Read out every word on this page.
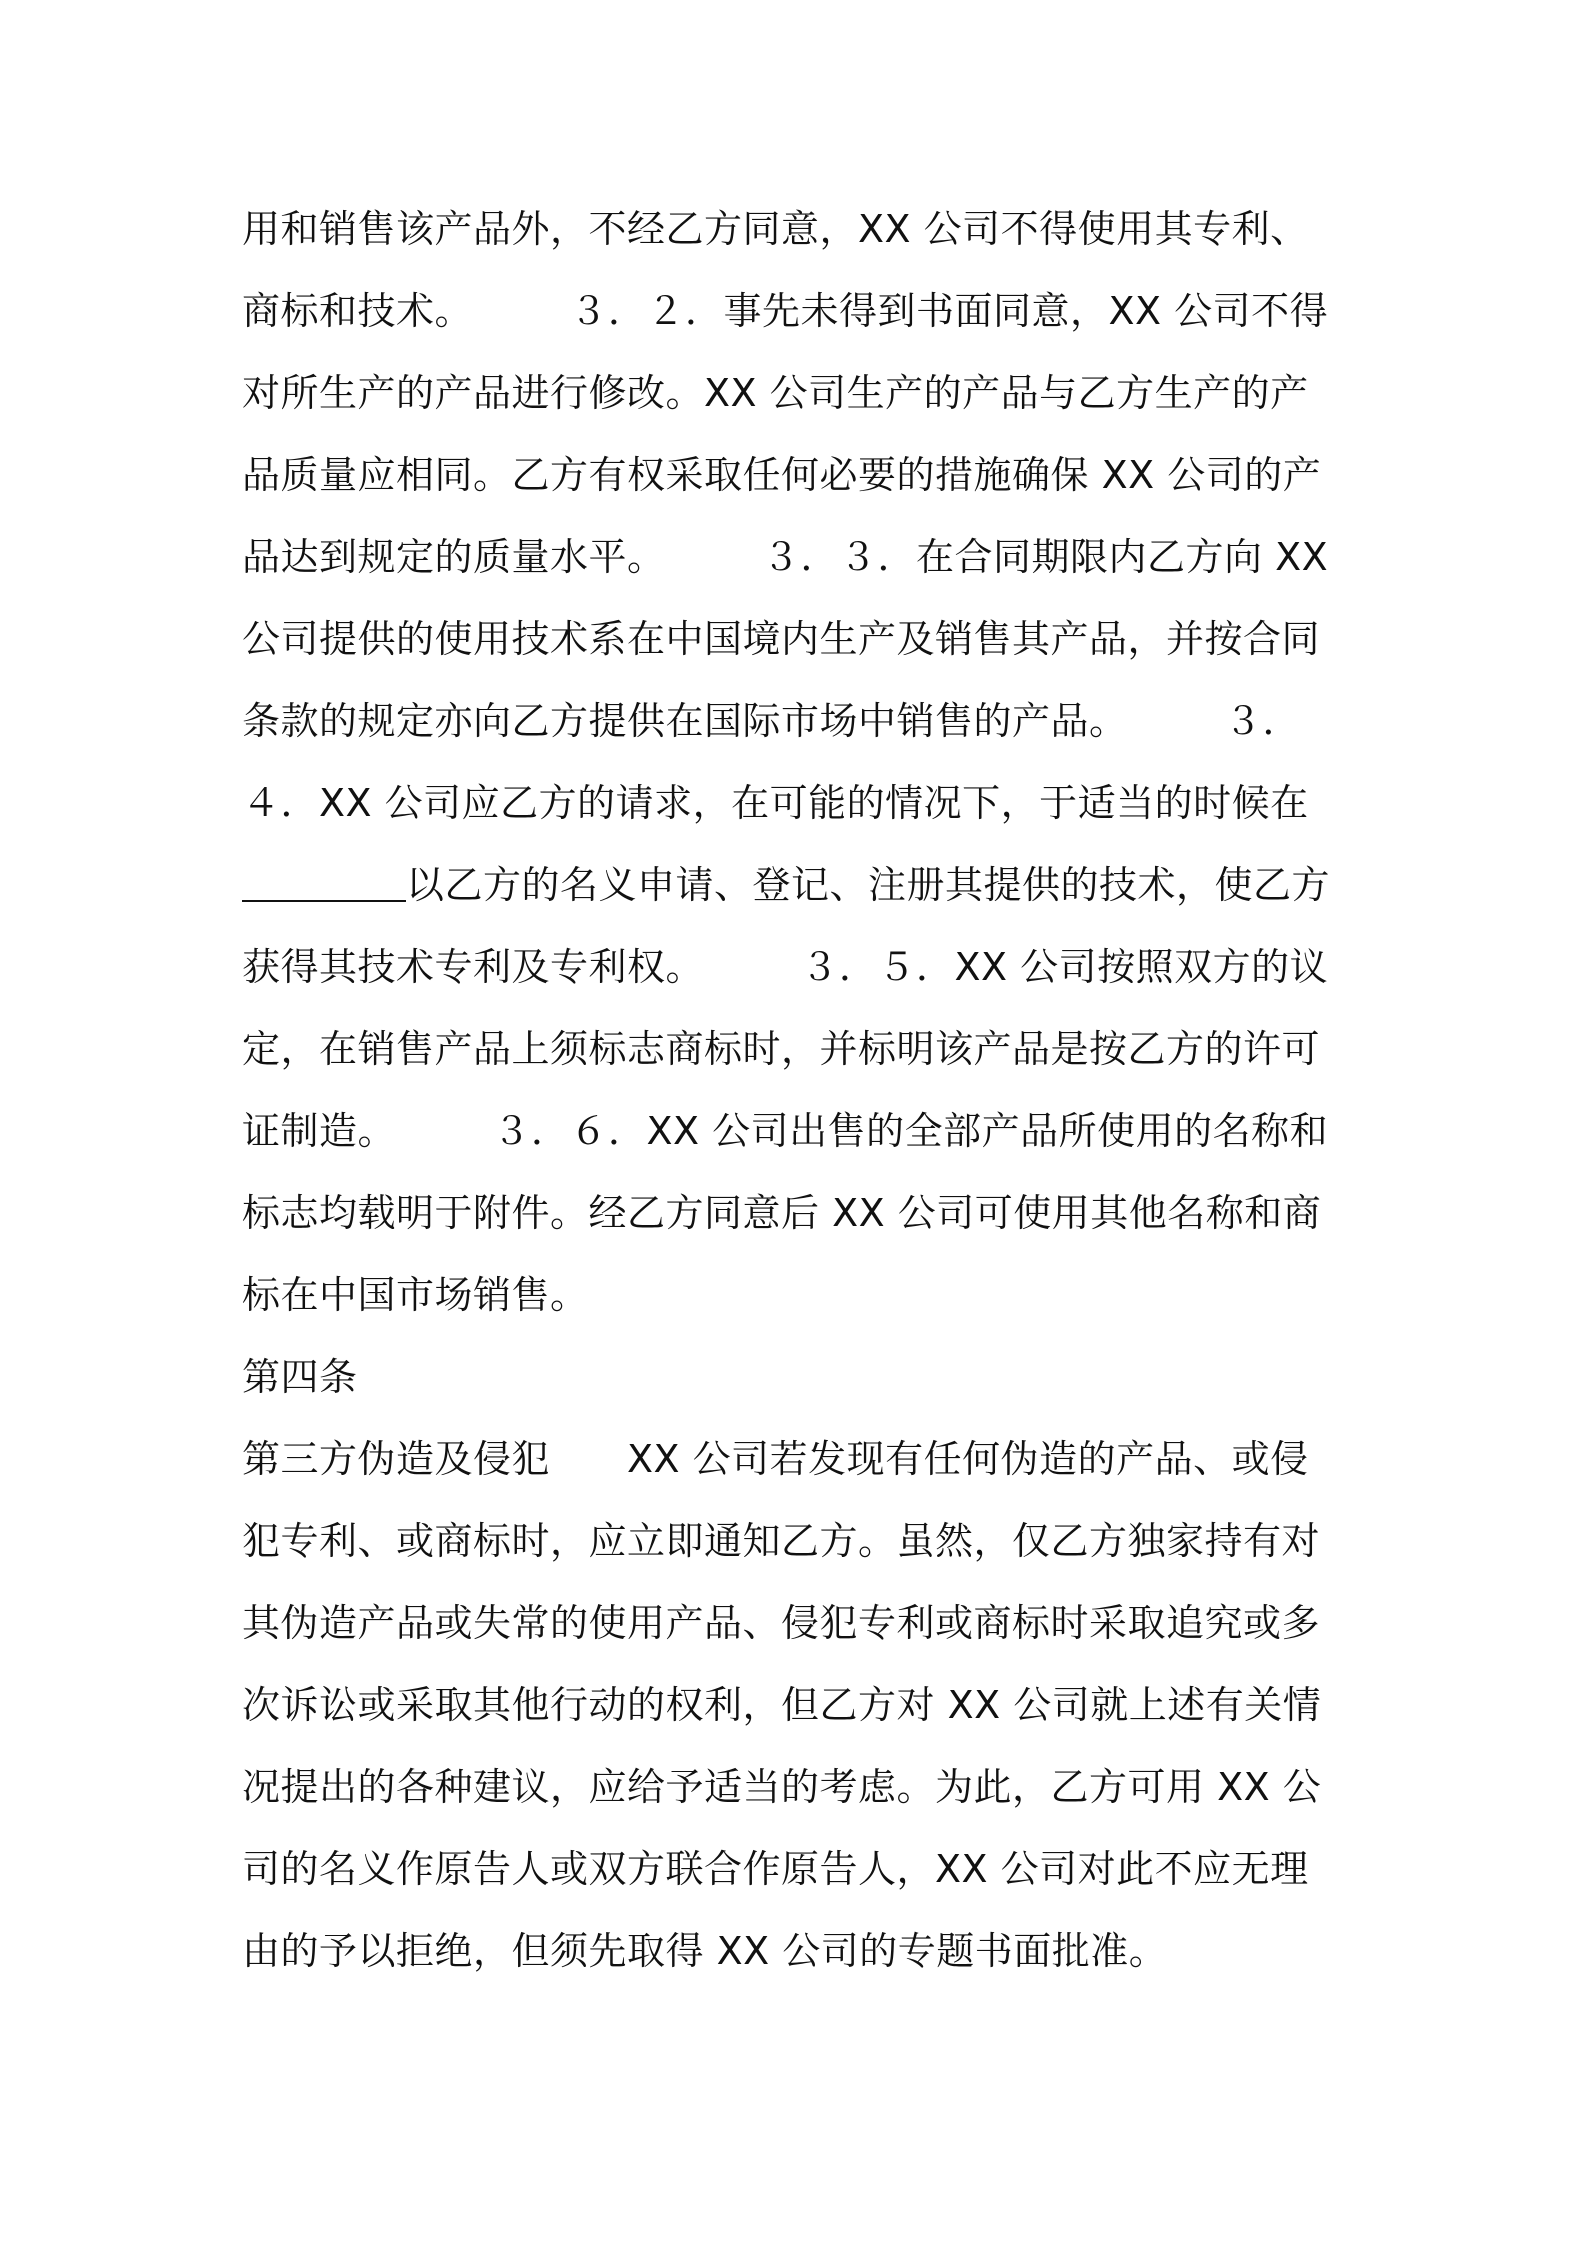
用和销售该产品外，不经乙方同意，XX 公司不得使用其专利、
商标和技术。　　　３．２．事先未得到书面同意，XX 公司不得
对所生产的产品进行修改。XX 公司生产的产品与乙方生产的产
品质量应相同。乙方有权采取任何必要的措施确保 XX 公司的产
品达到规定的质量水平。　　　３．３．在合同期限内乙方向 XX
公司提供的使用技术系在中国境内生产及销售其产品，并按合同
条款的规定亦向乙方提供在国际市场中销售的产品。　　　３．
４．XX 公司应乙方的请求，在可能的情况下，于适当的时候在
以乙方的名义申请、登记、注册其提供的技术，使乙方
获得其技术专利及专利权。　　　３．５．XX 公司按照双方的议
定，在销售产品上须标志商标时，并标明该产品是按乙方的许可
证制造。　　　３．６．XX 公司出售的全部产品所使用的名称和
标志均载明于附件。经乙方同意后 XX 公司可使用其他名称和商
标在中国市场销售。
第四条
第三方伪造及侵犯　　XX 公司若发现有任何伪造的产品、或侵
犯专利、或商标时，应立即通知乙方。虽然，仅乙方独家持有对
其伪造产品或失常的使用产品、侵犯专利或商标时采取追究或多
次诉讼或采取其他行动的权利，但乙方对 XX 公司就上述有关情
况提出的各种建议，应给予适当的考虑。为此，乙方可用 XX 公
司的名义作原告人或双方联合作原告人，XX 公司对此不应无理
由的予以拒绝，但须先取得 XX 公司的专题书面批准。
